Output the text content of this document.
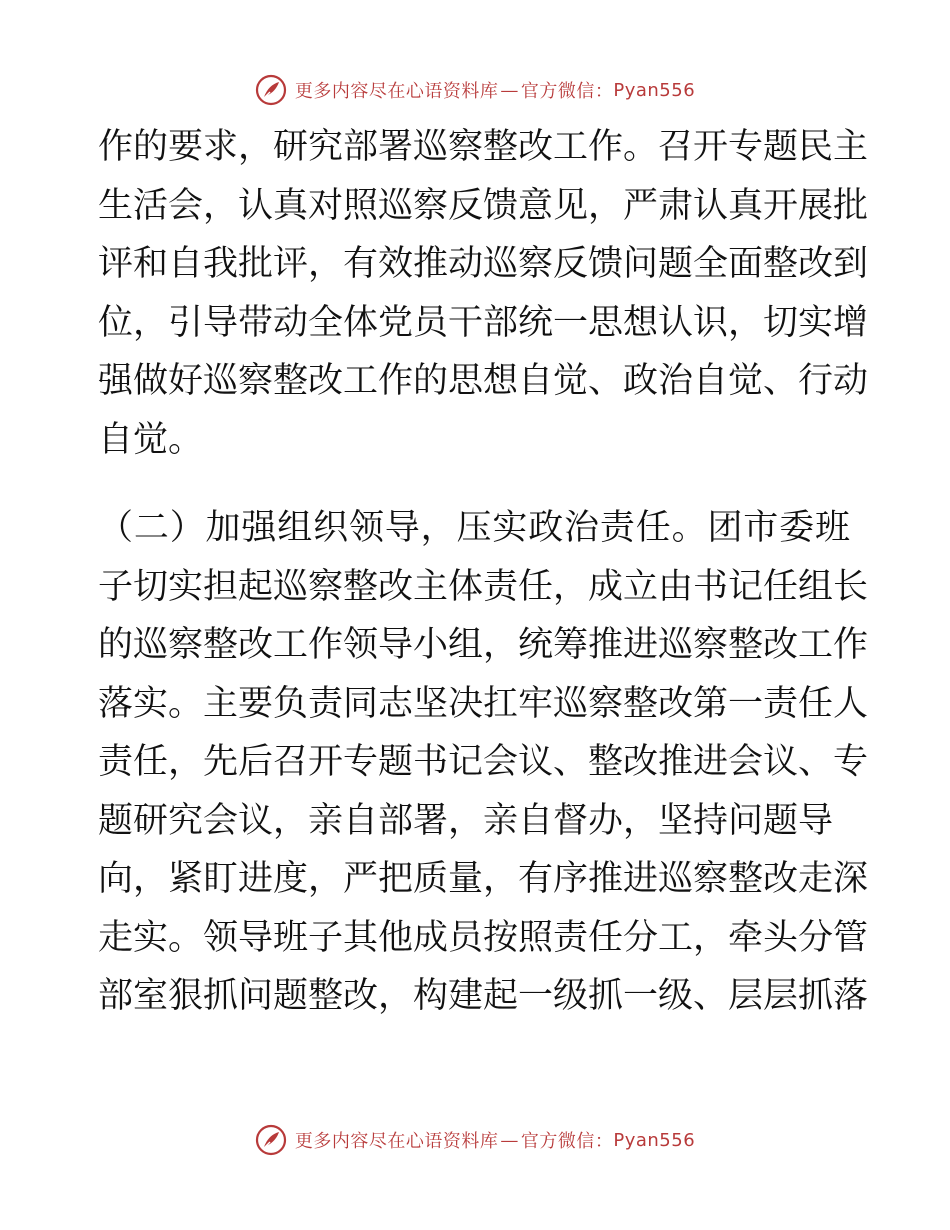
更多内容尽在心语资料库 — 官方微信： Pyan556
作的要求，研究部署巡察整改工作。召开专题民主
生活会，认真对照巡察反馈意见，严肃认真开展批
评和自我批评，有效推动巡察反馈问题全面整改到
位，引导带动全体党员干部统一思想认识，切实增
强做好巡察整改工作的思想自觉、政治自觉、行动
自觉。
（二）加强组织领导，压实政治责任。团市委班
子切实担起巡察整改主体责任，成立由书记任组长
的巡察整改工作领导小组，统筹推进巡察整改工作
落实。主要负责同志坚决扛牢巡察整改第一责任人
责任，先后召开专题书记会议、整改推进会议、专
题研究会议，亲自部署，亲自督办，坚持问题导
向，紧盯进度，严把质量，有序推进巡察整改走深
走实。领导班子其他成员按照责任分工，牵头分管
部室狠抓问题整改，构建起一级抓一级、层层抓落
更多内容尽在心语资料库 — 官方微信： Pyan556
